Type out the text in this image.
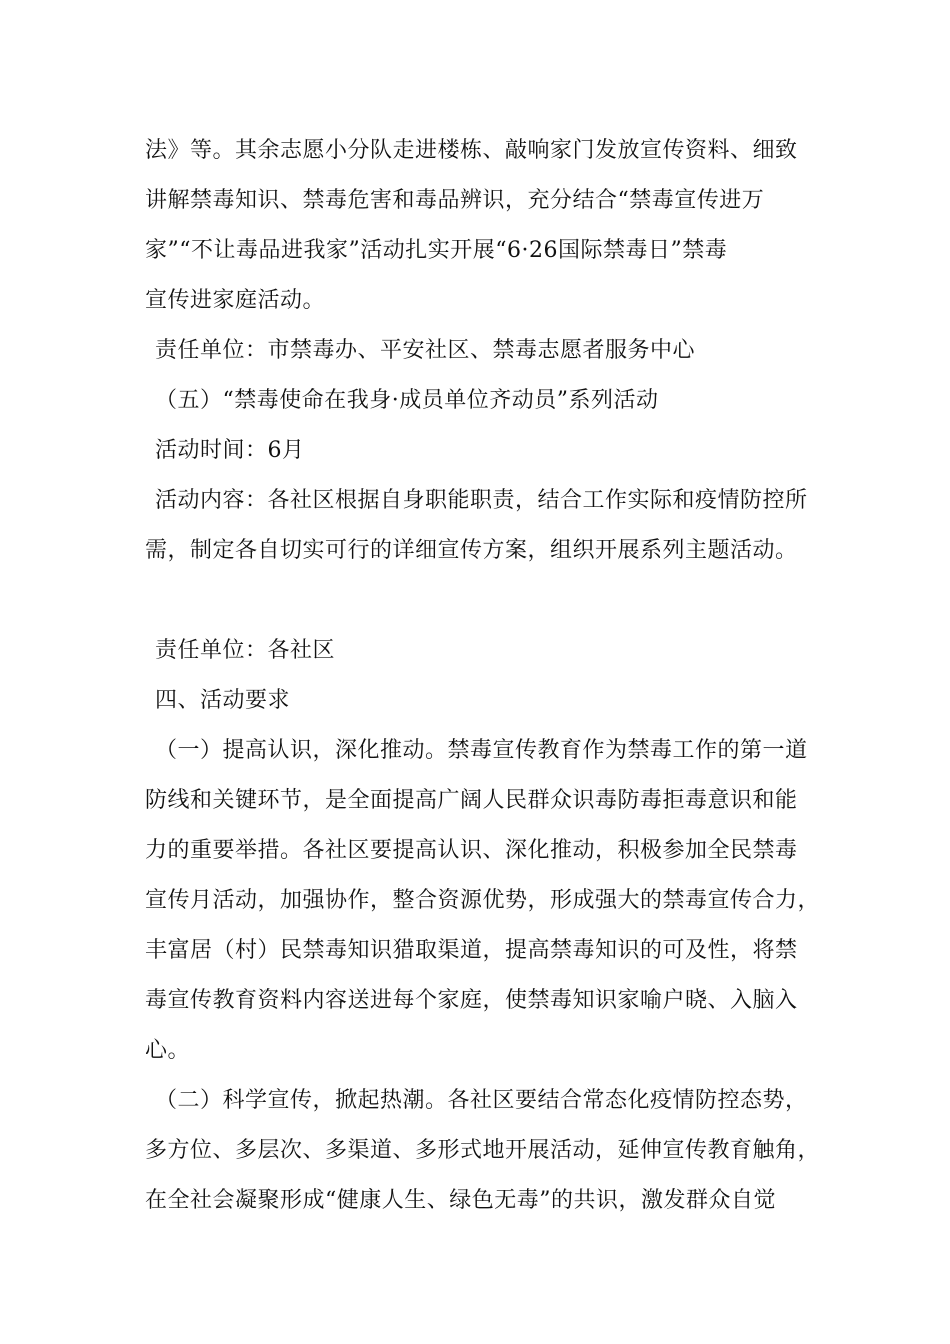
法》等。其余志愿小分队走进楼栋、敲响家门发放宣传资料、细致
讲解禁毒知识、禁毒危害和毒品辨识，充分结合“禁毒宣传进万
家”“不让毒品进我家”活动扎实开展“6·26国际禁毒日”禁毒
宣传进家庭活动。
责任单位：市禁毒办、平安社区、禁毒志愿者服务中心
（五）“禁毒使命在我身·成员单位齐动员”系列活动
活动时间：6月
活动内容：各社区根据自身职能职责，结合工作实际和疫情防控所
需，制定各自切实可行的详细宣传方案，组织开展系列主题活动。
责任单位：各社区
四、活动要求
（一）提高认识，深化推动。禁毒宣传教育作为禁毒工作的第一道
防线和关键环节，是全面提高广阔人民群众识毒防毒拒毒意识和能
力的重要举措。各社区要提高认识、深化推动，积极参加全民禁毒
宣传月活动，加强协作，整合资源优势，形成强大的禁毒宣传合力，
丰富居（村）民禁毒知识猎取渠道，提高禁毒知识的可及性，将禁
毒宣传教育资料内容送进每个家庭，使禁毒知识家喻户晓、入脑入
心。
（二）科学宣传，掀起热潮。各社区要结合常态化疫情防控态势，
多方位、多层次、多渠道、多形式地开展活动，延伸宣传教育触角，
在全社会凝聚形成“健康人生、绿色无毒”的共识，激发群众自觉
